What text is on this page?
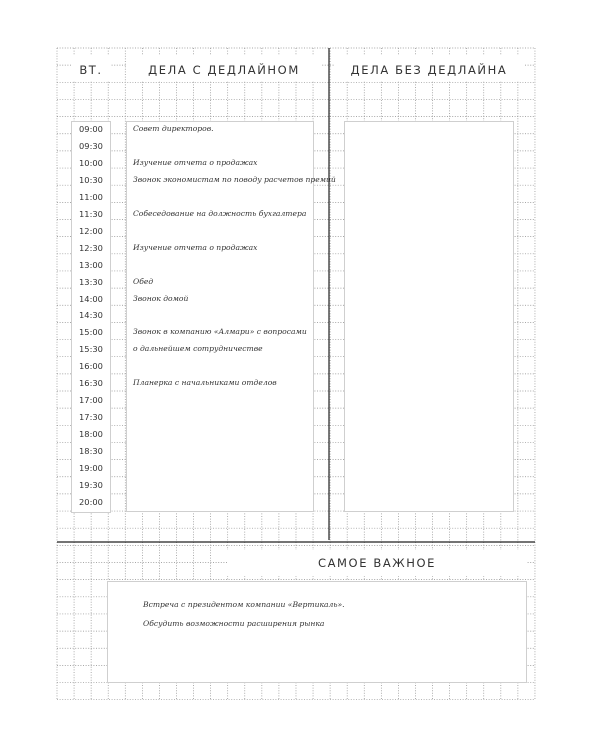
ВТ.	ДЕЛА С ДЕДЛАЙНОМ	ДЕЛА БЕЗ ДЕДЛАЙНА
САМОЕ ВАЖНОЕ
09:00
09:30
10:00
10:30
11:00
11:30
12:00
12:30
13:00
13:30
14:00
14:30
15:00
15:30
16:00
16:30
17:00
17:30
18:00
18:30
19:00
19:30
20:00
Совет директоров.
Изучение отчета о продажах
Звонок экономистам по поводу расчетов премий
Собеседование на должность бухгалтера
Изучение отчета о продажах
Обед
Звонок домой
Звонок в компанию «Алмари» с вопросами
о дальнейшем сотрудничестве
Планерка с начальниками отделов
Встреча с президентом компании «Вертикаль».
Обсудить возможности расширения рынка
